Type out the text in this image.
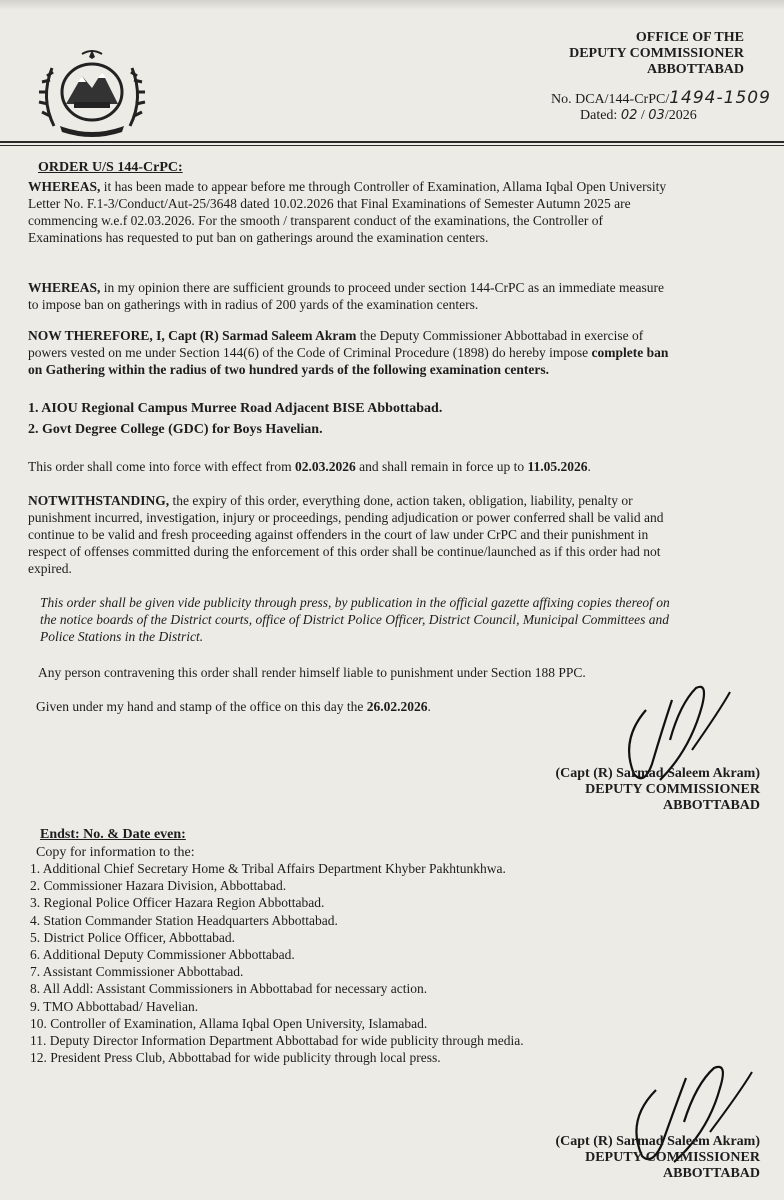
OFFICE OF THE
DEPUTY COMMISSIONER
ABBOTTABAD
No. DCA/144-CrPC/1494-1509
Dated: 02 / 03/2026
ORDER U/S 144-CrPC:
WHEREAS, it has been made to appear before me through Controller of Examination, Allama Iqbal Open University
Letter No. F.1-3/Conduct/Aut-25/3648 dated 10.02.2026 that Final Examinations of Semester Autumn 2025 are
commencing w.e.f 02.03.2026. For the smooth / transparent conduct of the examinations, the Controller of
Examinations has requested to put ban on gatherings around the examination centers.
WHEREAS, in my opinion there are sufficient grounds to proceed under section 144-CrPC as an immediate measure
to impose ban on gatherings with in radius of 200 yards of the examination centers.
NOW THEREFORE, I, Capt (R) Sarmad Saleem Akram the Deputy Commissioner Abbottabad in exercise of
powers vested on me under Section 144(6) of the Code of Criminal Procedure (1898) do hereby impose complete ban
on Gathering within the radius of two hundred yards of the following examination centers.
1. AIOU Regional Campus Murree Road Adjacent BISE Abbottabad.
2. Govt Degree College (GDC) for Boys Havelian.
This order shall come into force with effect from 02.03.2026 and shall remain in force up to 11.05.2026.
NOTWITHSTANDING, the expiry of this order, everything done, action taken, obligation, liability, penalty or
punishment incurred, investigation, injury or proceedings, pending adjudication or power conferred shall be valid and
continue to be valid and fresh proceeding against offenders in the court of law under CrPC and their punishment in
respect of offenses committed during the enforcement of this order shall be continue/launched as if this order had not
expired.
This order shall be given vide publicity through press, by publication in the official gazette affixing copies thereof on
the notice boards of the District courts, office of District Police Officer, District Council, Municipal Committees and
Police Stations in the District.
Any person contravening this order shall render himself liable to punishment under Section 188 PPC.
Given under my hand and stamp of the office on this day the 26.02.2026.
(Capt (R) Sarmad Saleem Akram)
DEPUTY COMMISSIONER
ABBOTTABAD
Endst: No. & Date even:
Copy for information to the:
1. Additional Chief Secretary Home & Tribal Affairs Department Khyber Pakhtunkhwa.
2. Commissioner Hazara Division, Abbottabad.
3. Regional Police Officer Hazara Region Abbottabad.
4. Station Commander Station Headquarters Abbottabad.
5. District Police Officer, Abbottabad.
6. Additional Deputy Commissioner Abbottabad.
7. Assistant Commissioner Abbottabad.
8. All Addl: Assistant Commissioners in Abbottabad for necessary action.
9. TMO Abbottabad/ Havelian.
10. Controller of Examination, Allama Iqbal Open University, Islamabad.
11. Deputy Director Information Department Abbottabad for wide publicity through media.
12. President Press Club, Abbottabad for wide publicity through local press.
(Capt (R) Sarmad Saleem Akram)
DEPUTY COMMISSIONER
ABBOTTABAD
